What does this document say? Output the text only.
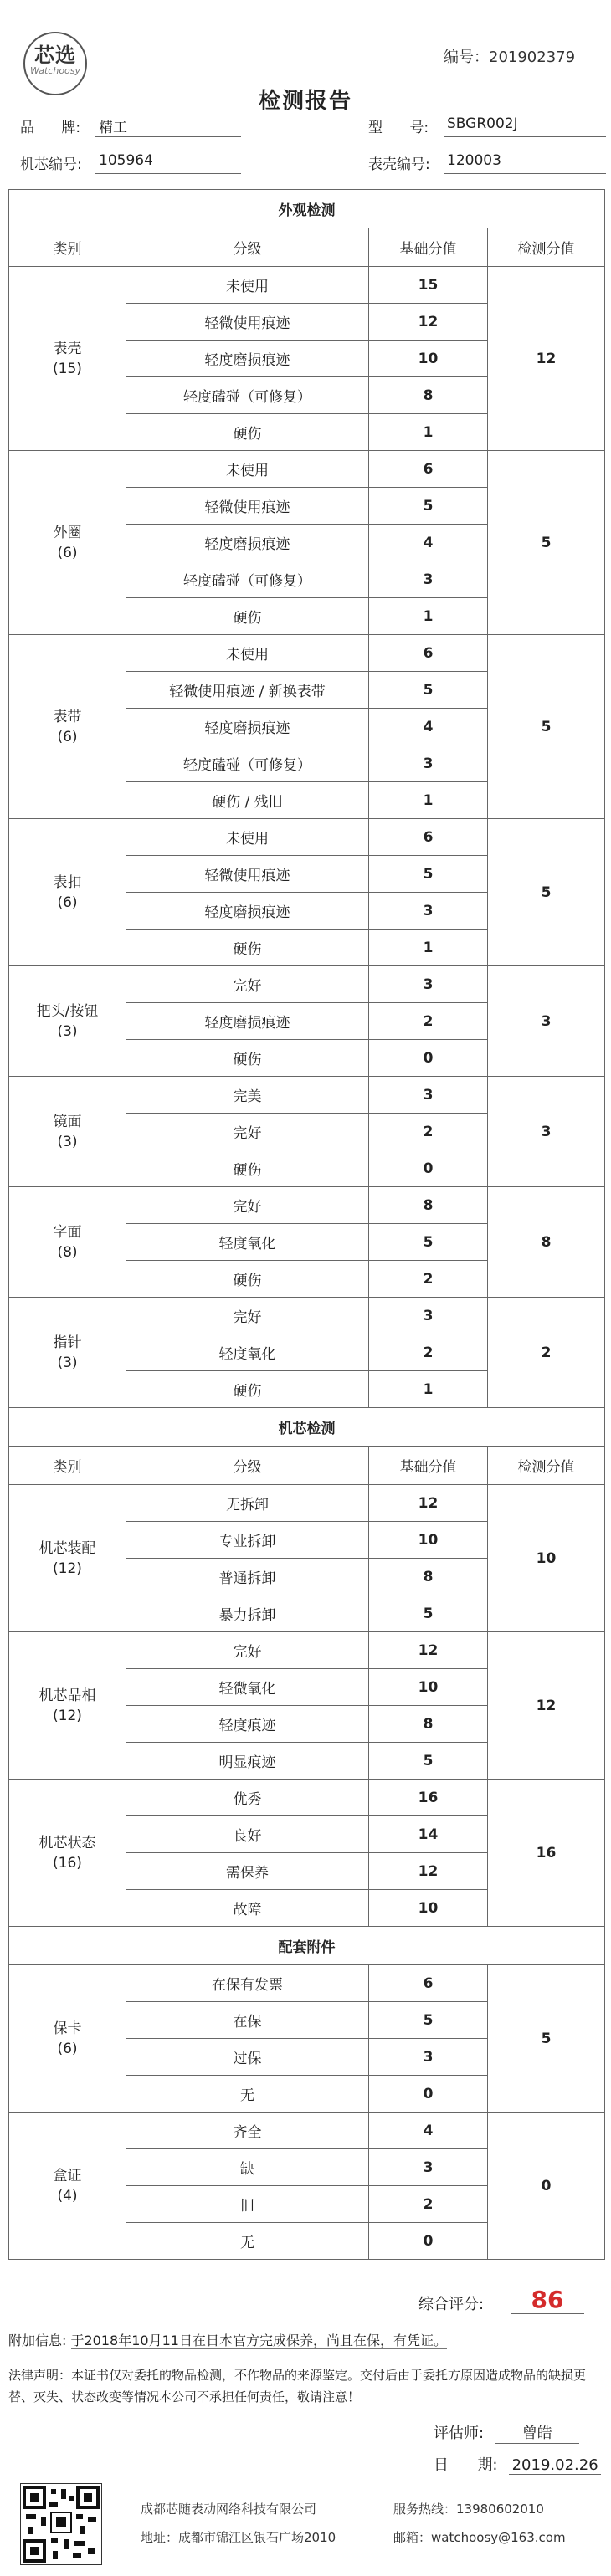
芯选
Watchoosy
编号：201902379
检测报告
品      牌: 精工	型      号: SBGR002J
机芯编号: 105964	表壳编号: 120003
外观检测			
类别	分级	基础分值	检测分值

表壳
(15)	未使用	15	12
	轻微使用痕迹	12	
	轻度磨损痕迹	10	
	轻度磕碰（可修复）	8	
	硬伤	1	

外圈
(6)	未使用	6	5
	轻微使用痕迹	5	
	轻度磨损痕迹	4	
	轻度磕碰（可修复）	3	
	硬伤	1	

表带
(6)	未使用	6	5
	轻微使用痕迹 / 新换表带	5	
	轻度磨损痕迹	4	
	轻度磕碰（可修复）	3	
	硬伤 / 残旧	1	

表扣
(6)	未使用	6	5
	轻微使用痕迹	5	
	轻度磨损痕迹	3	
	硬伤	1	

把头/按钮
(3)	完好	3	3
	轻度磨损痕迹	2	
	硬伤	0	

镜面
(3)	完美	3	3
	完好	2	
	硬伤	0	

字面
(8)	完好	8	8
	轻度氧化	5	
	硬伤	2	

指针
(3)	完好	3	2
	轻度氧化	2	
	硬伤	1	
机芯检测			
类别	分级	基础分值	检测分值

机芯装配
(12)	无拆卸	12	10
	专业拆卸	10	
	普通拆卸	8	
	暴力拆卸	5	

机芯品相
(12)	完好	12	12
	轻微氧化	10	
	轻度痕迹	8	
	明显痕迹	5	

机芯状态
(16)	优秀	16	16
	良好	14	
	需保养	12	
	故障	10	
配套附件			

保卡
(6)	在保有发票	6	5
	在保	5	
	过保	3	
	无	0	

盒证
(4)	齐全	4	0
	缺	3	
	旧	2	
	无	0	
综合评分:	86
附加信息: 于2018年10月11日在日本官方完成保养，尚且在保，有凭证。
法律声明：本证书仅对委托的物品检测，不作物品的来源鉴定。交付后由于委托方原因造成物品的缺损更替、灭失、状态改变等情况本公司不承担任何责任，敬请注意！
评估师:	曾皓
日      期: 2019.02.26
成都芯随表动网络科技有限公司
地址：成都市锦江区银石广场2010
服务热线：13980602010
邮箱：watchoosy@163.com
